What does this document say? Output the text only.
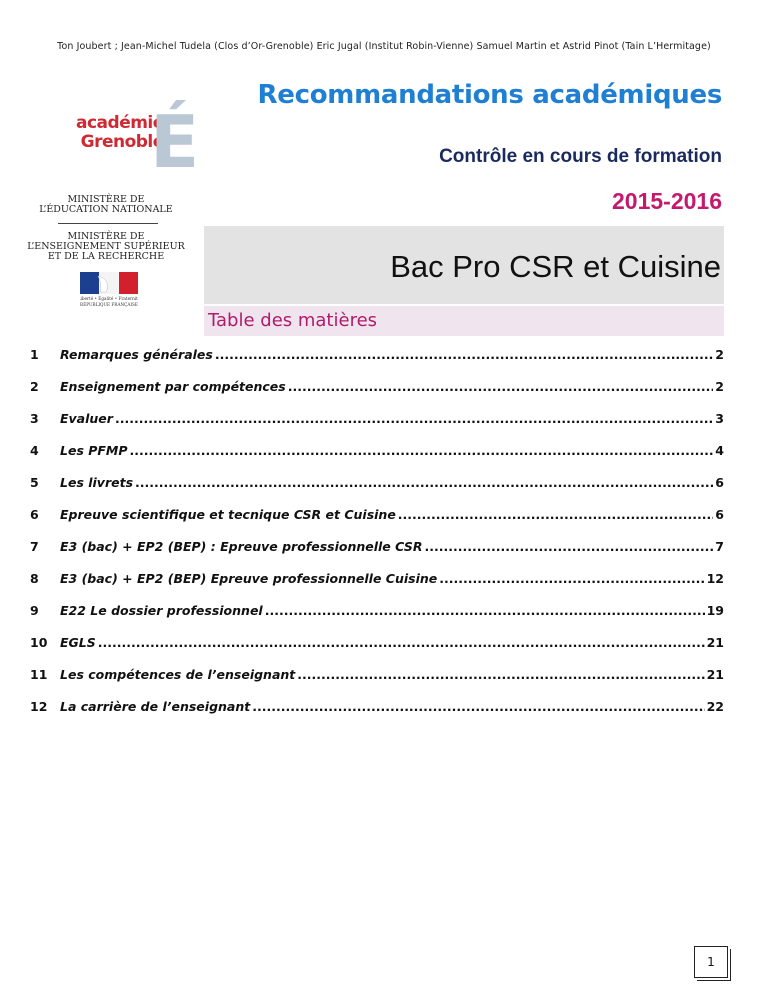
Ton Joubert ; Jean-Michel Tudela (Clos d’Or-Grenoble) Eric Jugal (Institut Robin-Vienne) Samuel Martin et Astrid Pinot (Tain L’Hermitage)
Recommandations académiques
Contrôle en cours de formation
2015-2016
académie
Grenoble
É
MINISTÈRE DE
L’ÉDUCATION NATIONALE
MINISTÈRE DE
L’ENSEIGNEMENT SUPÉRIEUR
ET DE LA RECHERCHE
Liberté • Égalité • Fraternité
RÉPUBLIQUE FRANÇAISE
Bac Pro CSR et Cuisine
Table des matières
1	Remarques générales .....	2
2	Enseignement par compétences .....	2
3	Evaluer .....	3
4	Les PFMP .....	4
5	Les livrets .....	6
6	Epreuve scientifique et tecnique CSR et Cuisine .....	6
7	E3 (bac) + EP2 (BEP) : Epreuve professionnelle CSR .....	7
8	E3 (bac) + EP2 (BEP) Epreuve professionnelle Cuisine .....	12
9	E22 Le dossier professionnel .....	19
10	EGLS .....	21
11	Les compétences de l’enseignant .....	21
12	La carrière de l’enseignant .....	22
1
